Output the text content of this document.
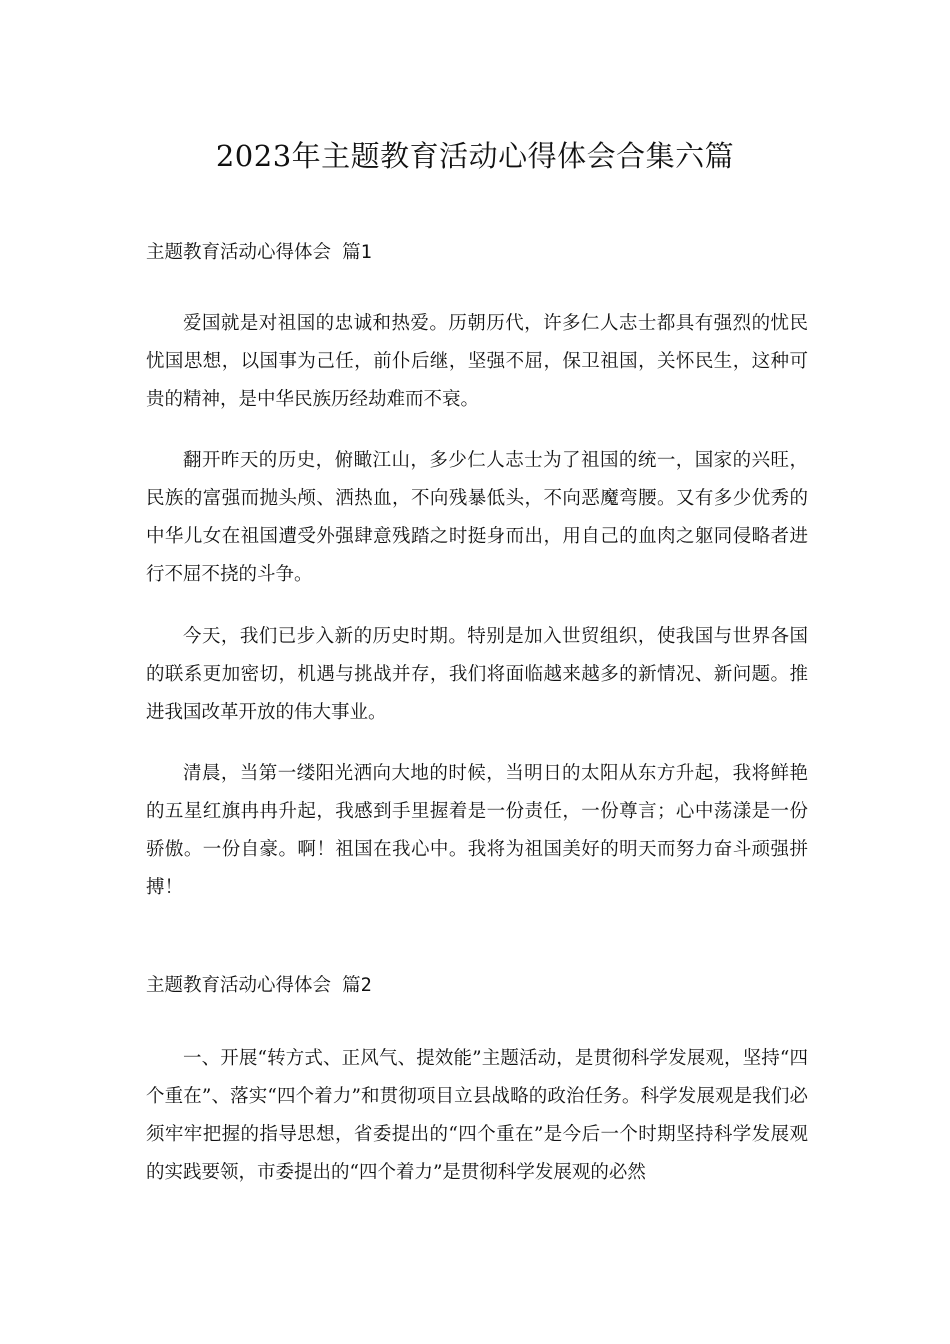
2023年主题教育活动心得体会合集六篇
主题教育活动心得体会 篇1

爱国就是对祖国的忠诚和热爱。历朝历代，许多仁人志士都具有强烈的忧民忧国思想，以国事为己任，前仆后继，坚强不屈，保卫祖国，关怀民生，这种可贵的精神，是中华民族历经劫难而不衰。

翻开昨天的历史，俯瞰江山，多少仁人志士为了祖国的统一，国家的兴旺，民族的富强而抛头颅、洒热血，不向残暴低头，不向恶魔弯腰。又有多少优秀的中华儿女在祖国遭受外强肆意残踏之时挺身而出，用自己的血肉之躯同侵略者进行不屈不挠的斗争。

今天，我们已步入新的历史时期。特别是加入世贸组织，使我国与世界各国的联系更加密切，机遇与挑战并存，我们将面临越来越多的新情况、新问题。推进我国改革开放的伟大事业。

清晨，当第一缕阳光洒向大地的时候，当明日的太阳从东方升起，我将鲜艳的五星红旗冉冉升起，我感到手里握着是一份责任，一份尊言；心中荡漾是一份骄傲。一份自豪。啊！祖国在我心中。我将为祖国美好的明天而努力奋斗顽强拼搏！

主题教育活动心得体会 篇2

一、开展“转方式、正风气、提效能”主题活动，是贯彻科学发展观，坚持“四个重在”、落实“四个着力”和贯彻项目立县战略的政治任务。科学发展观是我们必须牢牢把握的指导思想，省委提出的“四个重在”是今后一个时期坚持科学发展观的实践要领，市委提出的“四个着力”是贯彻科学发展观的必然
